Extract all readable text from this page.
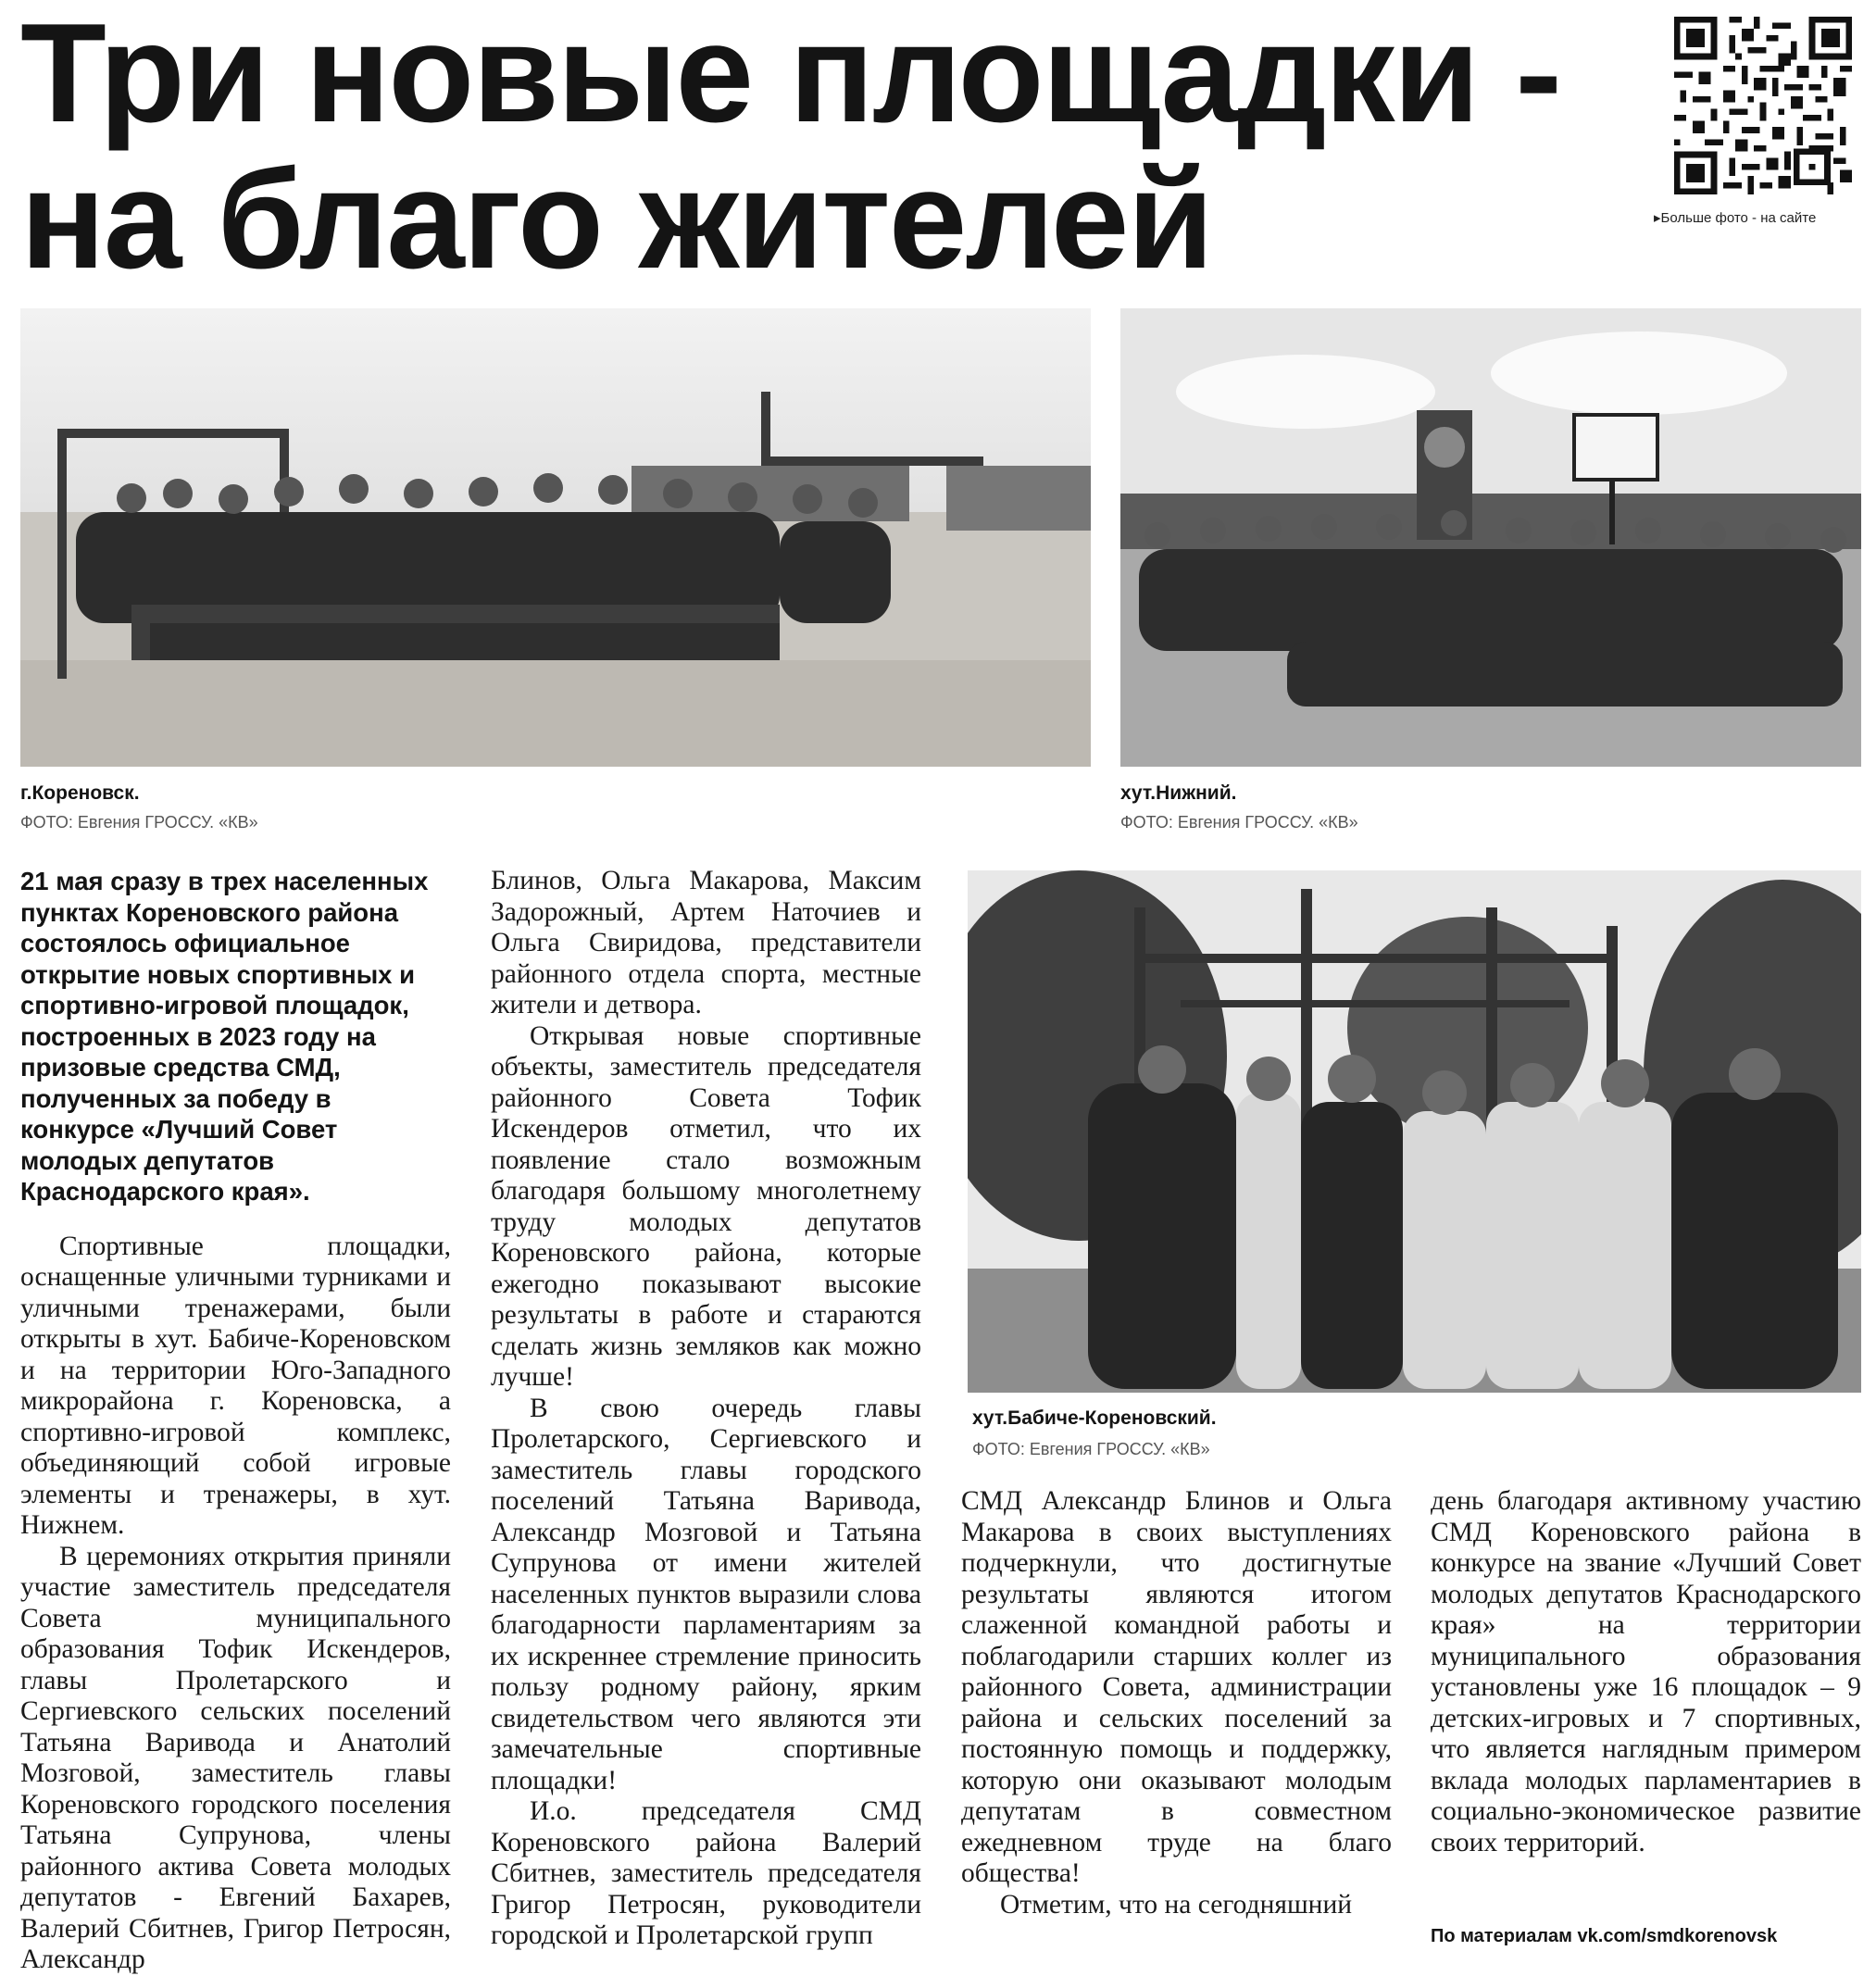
Три новые площадки -
на благо жителей	▸Больше фото - на сайте
г.Кореновск.
ФОТО: Евгения ГРОССУ. «КВ»
хут.Нижний.
ФОТО: Евгения ГРОССУ. «КВ»
хут.Бабиче-Кореновский.
ФОТО: Евгения ГРОССУ. «КВ»

21 мая сразу в трех населенных пунктах Кореновского района состоялось официальное открытие новых спортивных и спортивно-игровой площадок, построенных в 2023 году на призовые средства СМД, полученных за победу в конкурсе «Лучший Совет молодых депутатов Краснодарского края».

Спортивные площадки, оснащенные уличными турниками и уличными тренажерами, были открыты в хут. Бабиче-Кореновском и на территории Юго-Западного микрорайона г. Кореновска, а спортивно-игровой комплекс, объединяющий собой игровые элементы и тренажеры, в хут. Нижнем.

В церемониях открытия приняли участие заместитель председателя Совета муниципального образования Тофик Искендеров, главы Пролетарского и Сергиевского сельских поселений Татьяна Варивода и Анатолий Мозговой, заместитель главы Кореновского городского поселения Татьяна Супрунова, члены районного актива Совета молодых депутатов - Евгений Бахарев, Валерий Сбитнев, Григор Петросян, Александр

Блинов, Ольга Макарова, Максим Задорожный, Артем Наточиев и Ольга Свиридова, представители районного отдела спорта, местные жители и детвора.

Открывая новые спортивные объекты, заместитель председателя районного Совета Тофик Искендеров отметил, что их появление стало возможным благодаря большому многолетнему труду молодых депутатов Кореновского района, которые ежегодно показывают высокие результаты в работе и стараются сделать жизнь земляков как можно лучше!

В свою очередь главы Пролетарского, Сергиевского и заместитель главы городского поселений Татьяна Варивода, Александр Мозговой и Татьяна Супрунова от имени жителей населенных пунктов выразили слова благодарности парламентариям за их искреннее стремление приносить пользу родному району, ярким свидетельством чего являются эти замечательные спортивные площадки!

И.о. председателя СМД Кореновского района Валерий Сбитнев, заместитель председателя Григор Петросян, руководители городской и Пролетарской групп

СМД Александр Блинов и Ольга Макарова в своих выступлениях подчеркнули, что достигнутые результаты являются итогом слаженной командной работы и поблагодарили старших коллег из районного Совета, администрации района и сельских поселений за постоянную помощь и поддержку, которую они оказывают молодым депутатам в совместном ежедневном труде на благо общества!

Отметим, что на сегодняшний

день благодаря активному участию СМД Кореновского района в конкурсе на звание «Лучший Совет молодых депутатов Краснодарского края» на территории муниципального образования установлены уже 16 площадок – 9 детских-игровых и 7 спортивных, что является наглядным примером вклада молодых парламентариев в социально-экономическое развитие своих территорий.

По материалам vk.com/smdkorenovsk
